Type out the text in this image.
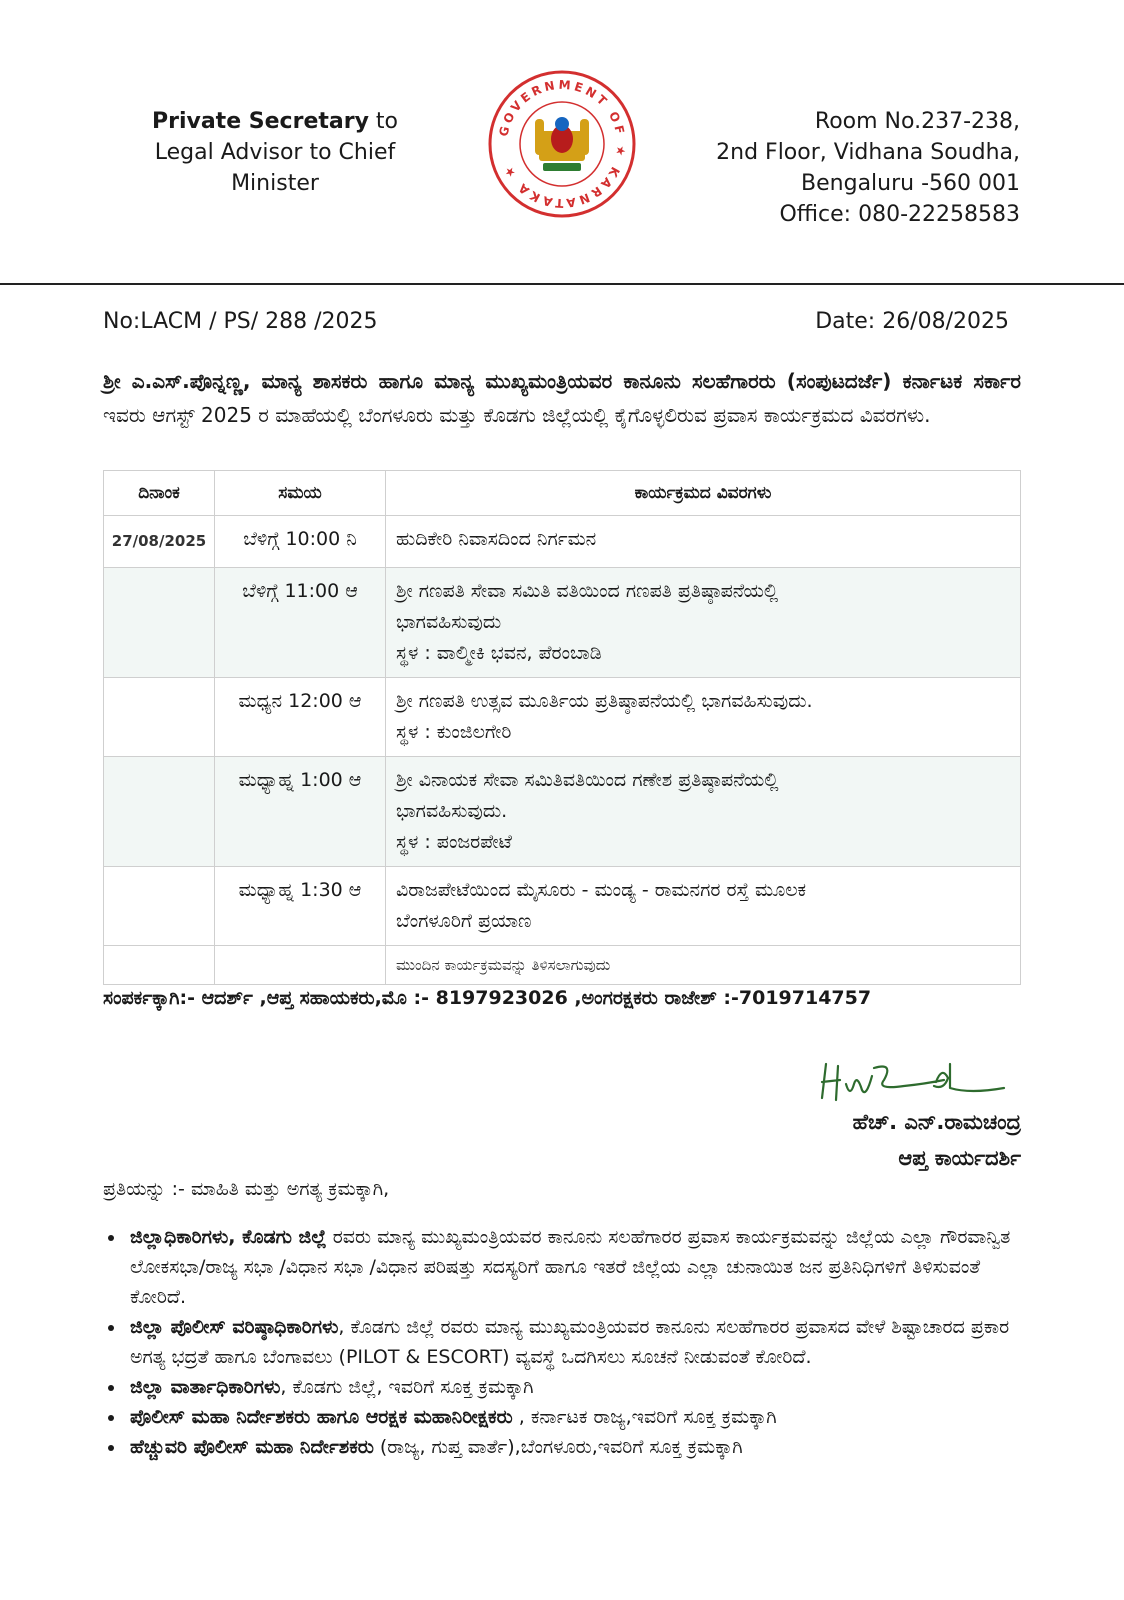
Private Secretary to
Legal Advisor to Chief Minister
GOVERNMENT OF ★ KARNATAKA ★
Room No.237-238,
2nd Floor, Vidhana Soudha,
Bengaluru -560 001
Office: 080-22258583
No:LACM / PS/ 288 /2025	Date: 26/08/2025
ಶ್ರೀ ಎ.ಎಸ್.ಪೊನ್ನಣ್ಣ, ಮಾನ್ಯ ಶಾಸಕರು ಹಾಗೂ ಮಾನ್ಯ ಮುಖ್ಯಮಂತ್ರಿಯವರ ಕಾನೂನು ಸಲಹೆಗಾರರು (ಸಂಪುಟದರ್ಜೆ) ಕರ್ನಾಟಕ ಸರ್ಕಾರ ಇವರು ಆಗಸ್ಟ್ 2025 ರ ಮಾಹೆಯಲ್ಲಿ ಬೆಂಗಳೂರು ಮತ್ತು ಕೊಡಗು ಜಿಲ್ಲೆಯಲ್ಲಿ ಕೈಗೊಳ್ಳಲಿರುವ ಪ್ರವಾಸ ಕಾರ್ಯಕ್ರಮದ ವಿವರಗಳು.
ದಿನಾಂಕ	ಸಮಯ	ಕಾರ್ಯಕ್ರಮದ ವಿವರಗಳು
27/08/2025	ಬೆಳಿಗ್ಗೆ 10:00 ನಿ	ಹುದಿಕೇರಿ ನಿವಾಸದಿಂದ ನಿರ್ಗಮನ

	ಬೆಳಿಗ್ಗೆ 11:00 ಆ	ಶ್ರೀ ಗಣಪತಿ ಸೇವಾ ಸಮಿತಿ ವತಿಯಿಂದ ಗಣಪತಿ ಪ್ರತಿಷ್ಠಾಪನೆಯಲ್ಲಿ
ಭಾಗವಹಿಸುವುದು
ಸ್ಥಳ : ವಾಲ್ಮೀಕಿ ಭವನ, ಪೆರಂಬಾಡಿ

	ಮಧ್ಯನ 12:00 ಆ	ಶ್ರೀ ಗಣಪತಿ ಉತ್ಸವ ಮೂರ್ತಿಯ ಪ್ರತಿಷ್ಠಾಪನೆಯಲ್ಲಿ ಭಾಗವಹಿಸುವುದು.
ಸ್ಥಳ : ಕುಂಜಿಲಗೇರಿ

	ಮಧ್ಯಾಹ್ನ 1:00 ಆ	ಶ್ರೀ ವಿನಾಯಕ ಸೇವಾ ಸಮಿತಿವತಿಯಿಂದ ಗಣೇಶ ಪ್ರತಿಷ್ಠಾಪನೆಯಲ್ಲಿ
ಭಾಗವಹಿಸುವುದು.
ಸ್ಥಳ : ಪಂಜರಪೇಟೆ

	ಮಧ್ಯಾಹ್ನ 1:30 ಆ	ವಿರಾಜಪೇಟೆಯಿಂದ ಮೈಸೂರು - ಮಂಡ್ಯ - ರಾಮನಗರ ರಸ್ತೆ ಮೂಲಕ
ಬೆಂಗಳೂರಿಗೆ ಪ್ರಯಾಣ

		ಮುಂದಿನ ಕಾರ್ಯಕ್ರಮವನ್ನು ತಿಳಿಸಲಾಗುವುದು
ಸಂಪರ್ಕಕ್ಕಾಗಿ:- ಆದರ್ಶ್ ,ಆಪ್ತ ಸಹಾಯಕರು,ಮೊ :- 8197923026 ,ಅಂಗರಕ್ಷಕರು ರಾಜೇಶ್ :-7019714757
ಹೆಚ್. ಎನ್.ರಾಮಚಂದ್ರ
ಆಪ್ತ ಕಾರ್ಯದರ್ಶಿ
ಪ್ರತಿಯನ್ನು :- ಮಾಹಿತಿ ಮತ್ತು ಅಗತ್ಯ ಕ್ರಮಕ್ಕಾಗಿ,
• ಜಿಲ್ಲಾಧಿಕಾರಿಗಳು, ಕೊಡಗು ಜಿಲ್ಲೆ ರವರು ಮಾನ್ಯ ಮುಖ್ಯಮಂತ್ರಿಯವರ ಕಾನೂನು ಸಲಹೆಗಾರರ ಪ್ರವಾಸ ಕಾರ್ಯಕ್ರಮವನ್ನು ಜಿಲ್ಲೆಯ ಎಲ್ಲಾ ಗೌರವಾನ್ವಿತ ಲೋಕಸಭಾ/ರಾಜ್ಯ ಸಭಾ /ವಿಧಾನ ಸಭಾ /ವಿಧಾನ ಪರಿಷತ್ತು ಸದಸ್ಯರಿಗೆ ಹಾಗೂ ಇತರೆ ಜಿಲ್ಲೆಯ ಎಲ್ಲಾ ಚುನಾಯಿತ ಜನ ಪ್ರತಿನಿಧಿಗಳಿಗೆ ತಿಳಿಸುವಂತೆ ಕೋರಿದೆ.
• ಜಿಲ್ಲಾ ಪೊಲೀಸ್ ವರಿಷ್ಠಾಧಿಕಾರಿಗಳು, ಕೊಡಗು ಜಿಲ್ಲೆ ರವರು ಮಾನ್ಯ ಮುಖ್ಯಮಂತ್ರಿಯವರ ಕಾನೂನು ಸಲಹೆಗಾರರ ಪ್ರವಾಸದ ವೇಳೆ ಶಿಷ್ಟಾಚಾರದ ಪ್ರಕಾರ ಅಗತ್ಯ ಭದ್ರತೆ ಹಾಗೂ ಬೆಂಗಾವಲು (PILOT & ESCORT) ವ್ಯವಸ್ಥೆ ಒದಗಿಸಲು ಸೂಚನೆ ನೀಡುವಂತೆ ಕೋರಿದೆ.
• ಜಿಲ್ಲಾ ವಾರ್ತಾಧಿಕಾರಿಗಳು, ಕೊಡಗು ಜಿಲ್ಲೆ, ಇವರಿಗೆ ಸೂಕ್ತ ಕ್ರಮಕ್ಕಾಗಿ
• ಪೊಲೀಸ್ ಮಹಾ ನಿರ್ದೇಶಕರು ಹಾಗೂ ಆರಕ್ಷಕ ಮಹಾನಿರೀಕ್ಷಕರು , ಕರ್ನಾಟಕ ರಾಜ್ಯ,ಇವರಿಗೆ ಸೂಕ್ತ ಕ್ರಮಕ್ಕಾಗಿ
• ಹೆಚ್ಚುವರಿ ಪೊಲೀಸ್ ಮಹಾ ನಿರ್ದೇಶಕರು (ರಾಜ್ಯ, ಗುಪ್ತ ವಾರ್ತೆ),ಬೆಂಗಳೂರು,ಇವರಿಗೆ ಸೂಕ್ತ ಕ್ರಮಕ್ಕಾಗಿ
